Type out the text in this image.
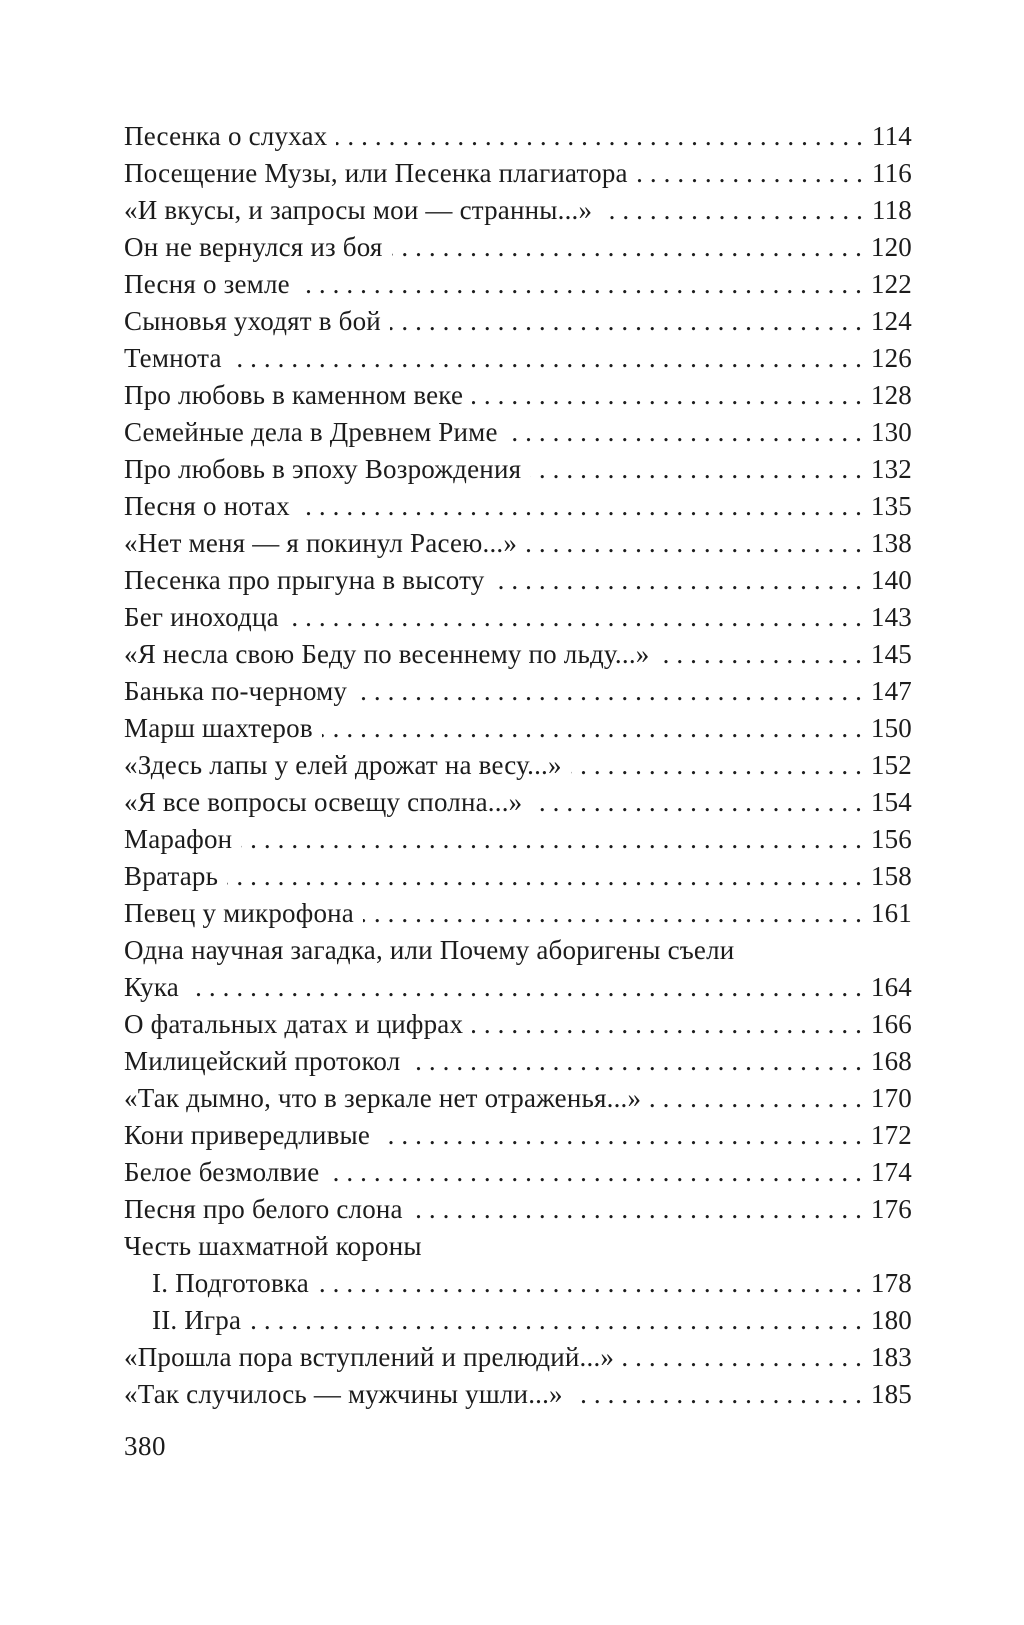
Песенка о слухах .....	114
Посещение Музы, или Песенка плагиатора .....	116
«И вкусы, и запросы мои — странны...» .....	118
Он не вернулся из боя .....	120
Песня о земле .....	122
Сыновья уходят в бой .....	124
Темнота .....	126
Про любовь в каменном веке .....	128
Семейные дела в Древнем Риме .....	130
Про любовь в эпоху Возрождения .....	132
Песня о нотах .....	135
«Нет меня — я покинул Расею...» .....	138
Песенка про прыгуна в высоту .....	140
Бег иноходца .....	143
«Я несла свою Беду по весеннему по льду...» .....	145
Банька по-черному .....	147
Марш шахтеров .....	150
«Здесь лапы у елей дрожат на весу...» .....	152
«Я все вопросы освещу сполна...» .....	154
Марафон .....	156
Вратарь .....	158
Певец у микрофона .....	161
Одна научная загадка, или Почему аборигены съели
Кука .....	164
О фатальных датах и цифрах .....	166
Милицейский протокол .....	168
«Так дымно, что в зеркале нет отраженья...» .....	170
Кони привередливые .....	172
Белое безмолвие .....	174
Песня про белого слона .....	176
Честь шахматной короны
I. Подготовка .....	178
II. Игра .....	180
«Прошла пора вступлений и прелюдий...» .....	183
«Так случилось — мужчины ушли...» .....	185
380
